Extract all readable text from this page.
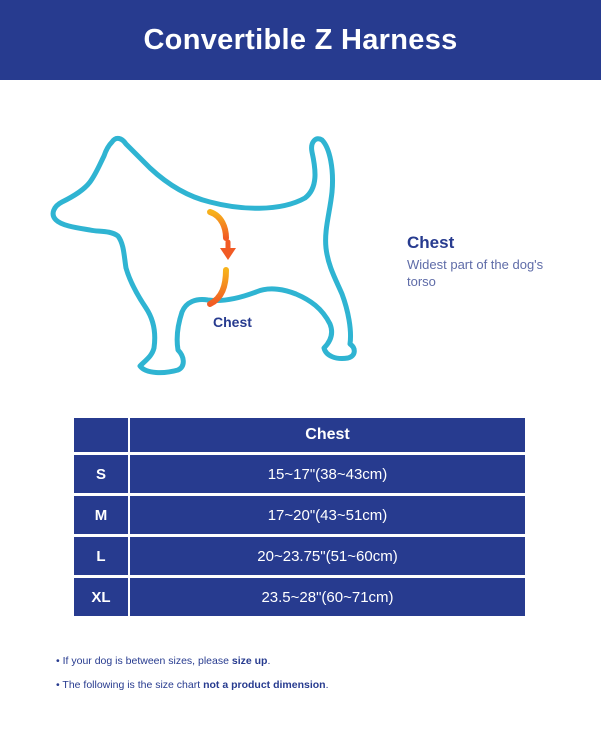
Convertible Z Harness
Chest
Chest
Widest part of the dog's torso
	Chest
S	15~17"(38~43cm)
M	17~20"(43~51cm)
L	20~23.75"(51~60cm)
XL	23.5~28"(60~71cm)
• If your dog is between sizes, please size up.
• The following is the size chart not a product dimension.
